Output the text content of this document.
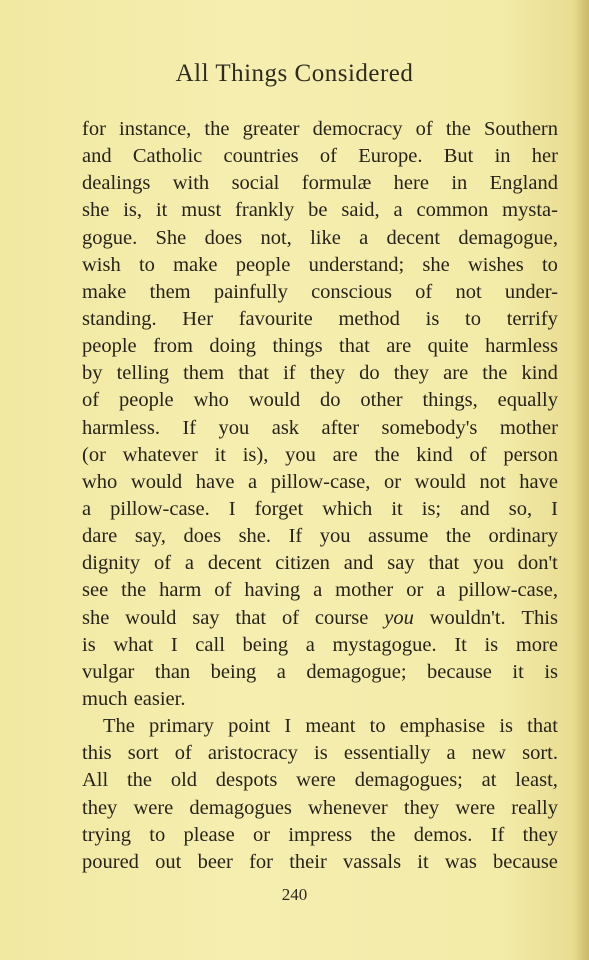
All Things Considered
for instance, the greater democracy of the Southern
and Catholic countries of Europe. But in her
dealings with social formulæ here in England
she is, it must frankly be said, a common mysta-
gogue. She does not, like a decent demagogue,
wish to make people understand; she wishes to
make them painfully conscious of not under-
standing. Her favourite method is to terrify
people from doing things that are quite harmless
by telling them that if they do they are the kind
of people who would do other things, equally
harmless. If you ask after somebody's mother
(or whatever it is), you are the kind of person
who would have a pillow-case, or would not have
a pillow-case. I forget which it is; and so, I
dare say, does she. If you assume the ordinary
dignity of a decent citizen and say that you don't
see the harm of having a mother or a pillow-case,
she would say that of course you wouldn't. This
is what I call being a mystagogue. It is more
vulgar than being a demagogue; because it is
much easier.
The primary point I meant to emphasise is that
this sort of aristocracy is essentially a new sort.
All the old despots were demagogues; at least,
they were demagogues whenever they were really
trying to please or impress the demos. If they
poured out beer for their vassals it was because
240
